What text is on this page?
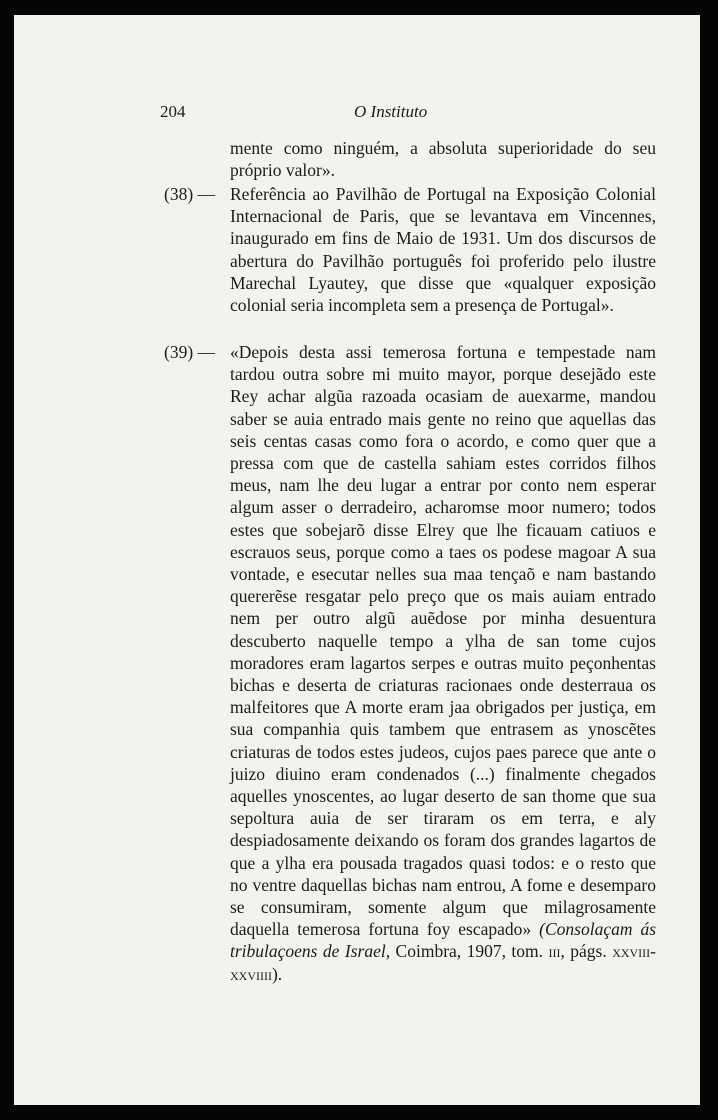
204	O Instituto

mente como ninguém, a absoluta superioridade do seu próprio valor».

(38) — Referência ao Pavilhão de Portugal na Exposição Colonial Internacional de Paris, que se levantava em Vincennes, inaugurado em fins de Maio de 1931. Um dos discursos de abertura do Pavilhão português foi proferido pelo ilustre Marechal Lyautey, que disse que «qualquer exposição colonial seria incompleta sem a presença de Portugal».

(39) — «Depois desta assi temerosa fortuna e tempestade nam tardou outra sobre mi muito mayor, porque desejãdo este Rey achar algũa razoada ocasiam de auexarme, mandou saber se auia entrado mais gente no reino que aquellas das seis centas casas como fora o acordo, e como quer que a pressa com que de castella sahiam estes corridos filhos meus, nam lhe deu lugar a entrar por conto nem esperar algum asser o derradeiro, acharomse moor numero; todos estes que sobejarõ disse Elrey que lhe ficauam catiuos e escrauos seus, porque como a taes os podese magoar A sua vontade, e esecutar nelles sua maa tençaõ e nam bastando quererẽse resgatar pelo preço que os mais auiam entrado nem per outro algũ auẽdose por minha desuentura descuberto naquelle tempo a ylha de san tome cujos moradores eram lagartos serpes e outras muito peçonhentas bichas e deserta de criaturas racionaes onde desterraua os malfeitores que A morte eram jaa obrigados per justiça, em sua companhia quis tambem que entrasem as ynoscẽtes criaturas de todos estes judeos, cujos paes parece que ante o juizo diuino eram condenados (...) finalmente chegados aquelles ynoscentes, ao lugar deserto de san thome que sua sepoltura auia de ser tiraram os em terra, e aly despiadosamente deixando os foram dos grandes lagartos de que a ylha era pousada tragados quasi todos: e o resto que no ventre daquellas bichas nam entrou, A fome e desemparo se consumiram, somente algum que milagrosamente daquella temerosa fortuna foy escapado» (Consolaçam ás tribulaçoens de Israel, Coimbra, 1907, tom. iii, págs. xxviii-xxviiii).
